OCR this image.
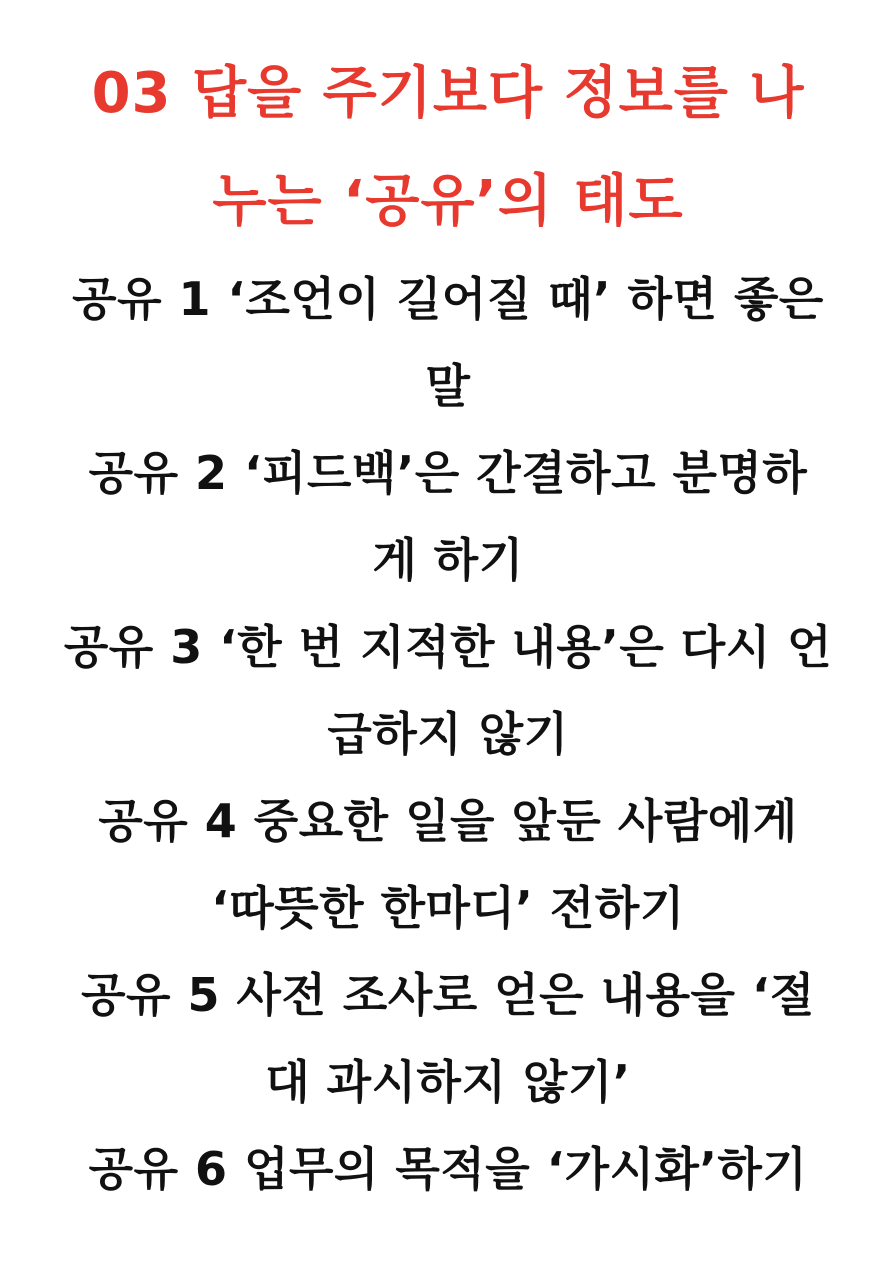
03 답을 주기보다 정보를 나
누는 ‘공유’의 태도
공유 1 ‘조언이 길어질 때’ 하면 좋은
말
공유 2 ‘피드백’은 간결하고 분명하
게 하기
공유 3 ‘한 번 지적한 내용’은 다시 언
급하지 않기
공유 4 중요한 일을 앞둔 사람에게
‘따뜻한 한마디’ 전하기
공유 5 사전 조사로 얻은 내용을 ‘절
대 과시하지 않기’
공유 6 업무의 목적을 ‘가시화’하기
